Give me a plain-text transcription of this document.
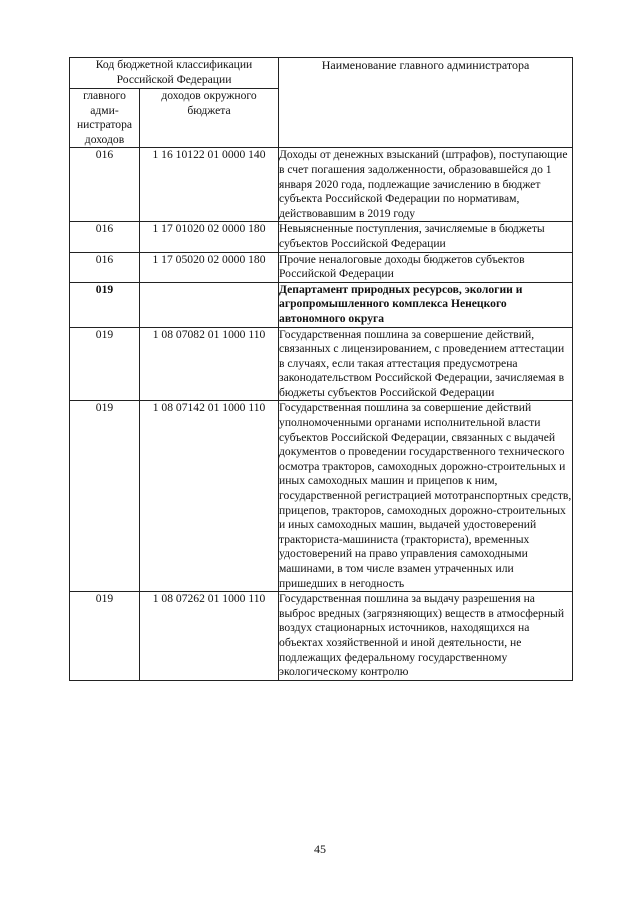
Код бюджетной классификации Российской Федерации		Наименование главного администратора
главного адми-нистратора доходов	доходов окружного бюджета	
016	1 16 10122 01 0000 140	Доходы от денежных взысканий (штрафов), поступающие в счет погашения задолженности, образовавшейся до 1 января 2020 года, подлежащие зачислению в бюджет субъекта Российской Федерации по нормативам, действовавшим в 2019 году
016	1 17 01020 02 0000 180	Невыясненные поступления, зачисляемые в бюджеты субъектов Российской Федерации
016	1 17 05020 02 0000 180	Прочие неналоговые доходы бюджетов субъектов Российской Федерации
019		Департамент природных ресурсов, экологии и агропромышленного комплекса Ненецкого автономного округа
019	1 08 07082 01 1000 110	Государственная пошлина за совершение действий, связанных с лицензированием, с проведением аттестации в случаях, если такая аттестация предусмотрена законодательством Российской Федерации, зачисляемая в бюджеты субъектов Российской Федерации
019	1 08 07142 01 1000 110	Государственная пошлина за совершение действий уполномоченными органами исполнительной власти субъектов Российской Федерации, связанных с выдачей документов о проведении государственного технического осмотра тракторов, самоходных дорожно-строительных и иных самоходных машин и прицепов к ним, государственной регистрацией мототранспортных средств, прицепов, тракторов, самоходных дорожно-строительных и иных самоходных машин, выдачей удостоверений тракториста-машиниста (тракториста), временных удостоверений на право управления самоходными машинами, в том числе взамен утраченных или пришедших в негодность
019	1 08 07262 01 1000 110	Государственная пошлина за выдачу разрешения на выброс вредных (загрязняющих) веществ в атмосферный воздух стационарных источников, находящихся на объектах хозяйственной и иной деятельности, не подлежащих федеральному государственному экологическому контролю
45
